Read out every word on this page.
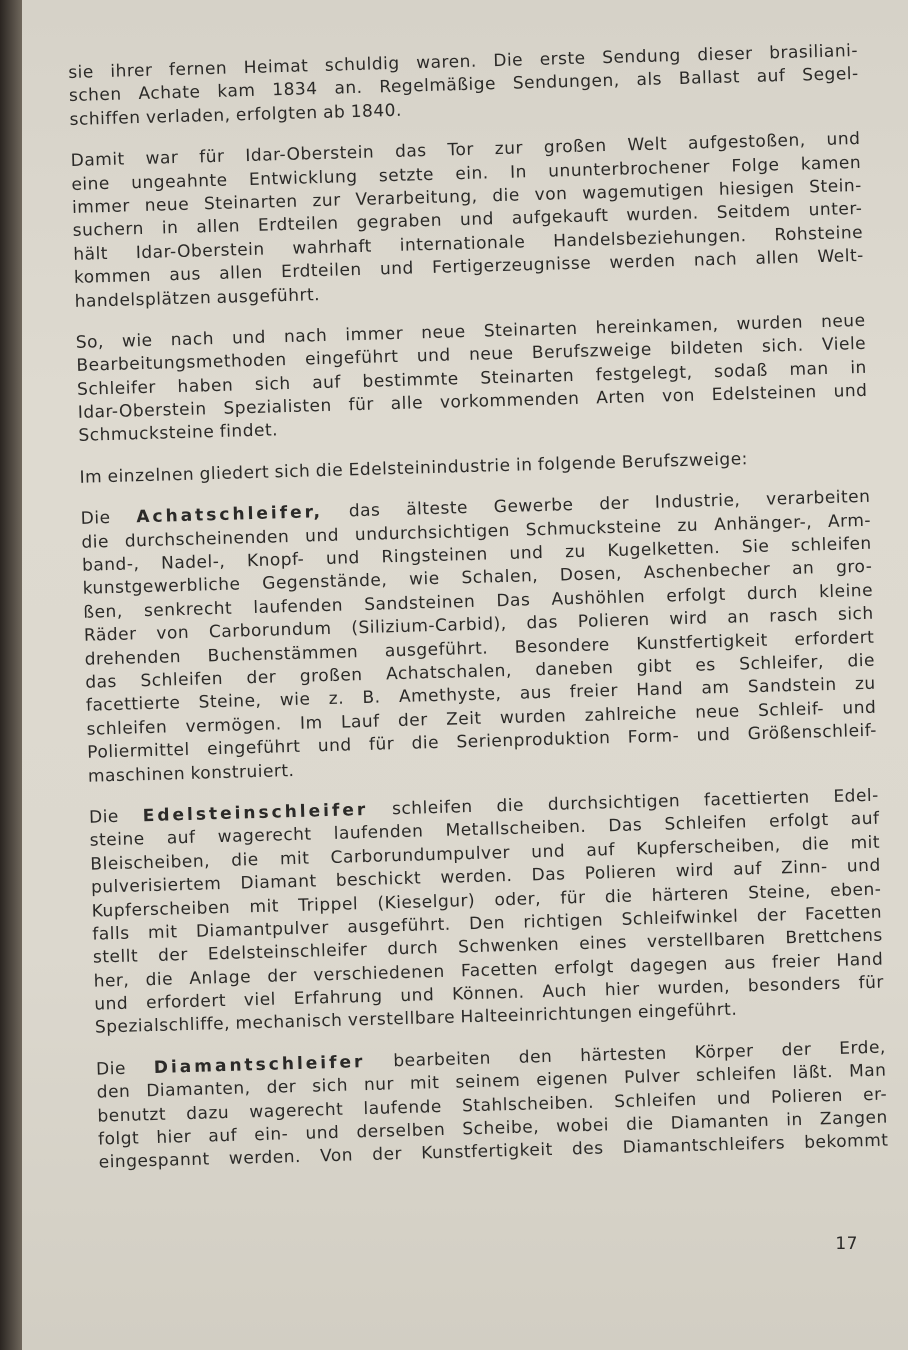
sie ihrer fernen Heimat schuldig waren. Die erste Sendung dieser brasiliani-
schen Achate kam 1834 an. Regelmäßige Sendungen, als Ballast auf Segel-
schiffen verladen, erfolgten ab 1840.
Damit war für Idar-Oberstein das Tor zur großen Welt aufgestoßen, und
eine ungeahnte Entwicklung setzte ein. In ununterbrochener Folge kamen
immer neue Steinarten zur Verarbeitung, die von wagemutigen hiesigen Stein-
suchern in allen Erdteilen gegraben und aufgekauft wurden. Seitdem unter-
hält Idar-Oberstein wahrhaft internationale Handelsbeziehungen. Rohsteine
kommen aus allen Erdteilen und Fertigerzeugnisse werden nach allen Welt-
handelsplätzen ausgeführt.
So, wie nach und nach immer neue Steinarten hereinkamen, wurden neue
Bearbeitungsmethoden eingeführt und neue Berufszweige bildeten sich. Viele
Schleifer haben sich auf bestimmte Steinarten festgelegt, sodaß man in
Idar-Oberstein Spezialisten für alle vorkommenden Arten von Edelsteinen und
Schmucksteine findet.
Im einzelnen gliedert sich die Edelsteinindustrie in folgende Berufszweige:
Die Achatschleifer, das älteste Gewerbe der Industrie, verarbeiten
die durchscheinenden und undurchsichtigen Schmucksteine zu Anhänger-, Arm-
band-, Nadel-, Knopf- und Ringsteinen und zu Kugelketten. Sie schleifen
kunstgewerbliche Gegenstände, wie Schalen, Dosen, Aschenbecher an gro-
ßen, senkrecht laufenden Sandsteinen Das Aushöhlen erfolgt durch kleine
Räder von Carborundum (Silizium-Carbid), das Polieren wird an rasch sich
drehenden Buchenstämmen ausgeführt. Besondere Kunstfertigkeit erfordert
das Schleifen der großen Achatschalen, daneben gibt es Schleifer, die
facettierte Steine, wie z. B. Amethyste, aus freier Hand am Sandstein zu
schleifen vermögen. Im Lauf der Zeit wurden zahlreiche neue Schleif- und
Poliermittel eingeführt und für die Serienproduktion Form- und Größenschleif-
maschinen konstruiert.
Die Edelsteinschleifer schleifen die durchsichtigen facettierten Edel-
steine auf wagerecht laufenden Metallscheiben. Das Schleifen erfolgt auf
Bleischeiben, die mit Carborundumpulver und auf Kupferscheiben, die mit
pulverisiertem Diamant beschickt werden. Das Polieren wird auf Zinn- und
Kupferscheiben mit Trippel (Kieselgur) oder, für die härteren Steine, eben-
falls mit Diamantpulver ausgeführt. Den richtigen Schleifwinkel der Facetten
stellt der Edelsteinschleifer durch Schwenken eines verstellbaren Brettchens
her, die Anlage der verschiedenen Facetten erfolgt dagegen aus freier Hand
und erfordert viel Erfahrung und Können. Auch hier wurden, besonders für
Spezialschliffe, mechanisch verstellbare Halteeinrichtungen eingeführt.
Die Diamantschleifer bearbeiten den härtesten Körper der Erde,
den Diamanten, der sich nur mit seinem eigenen Pulver schleifen läßt. Man
benutzt dazu wagerecht laufende Stahlscheiben. Schleifen und Polieren er-
folgt hier auf ein- und derselben Scheibe, wobei die Diamanten in Zangen
eingespannt werden. Von der Kunstfertigkeit des Diamantschleifers bekommt
17
